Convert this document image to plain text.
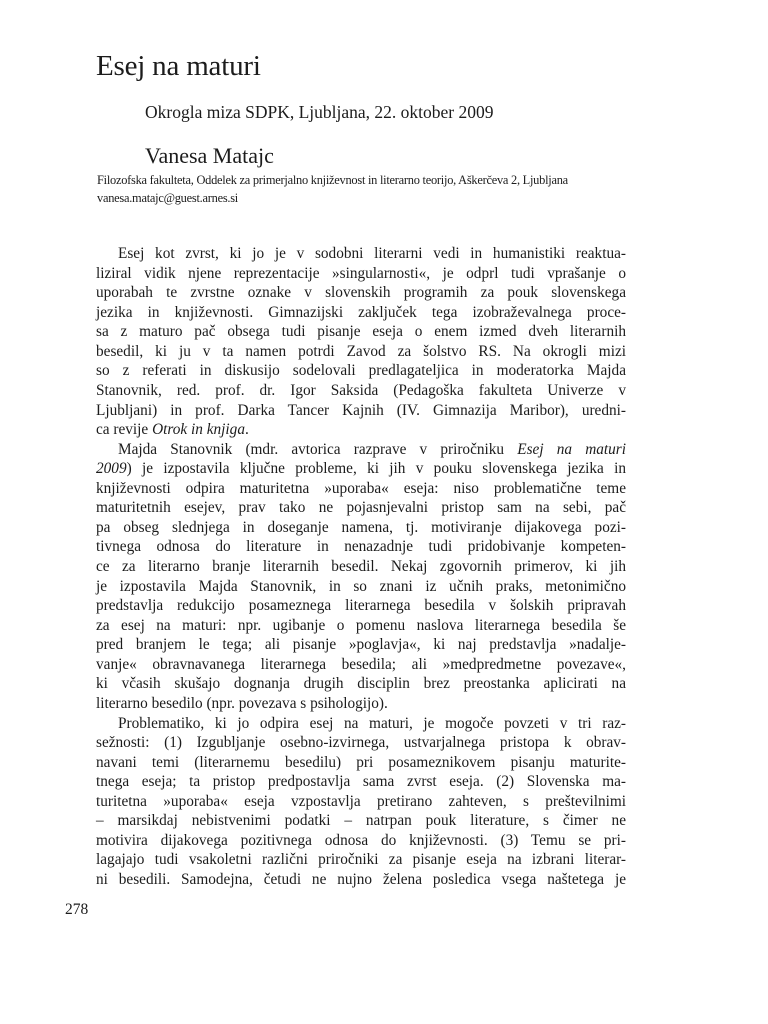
Esej na maturi
Okrogla miza SDPK, Ljubljana, 22. oktober 2009
Vanesa Matajc
Filozofska fakulteta, Oddelek za primerjalno književnost in literarno teorijo, Aškerčeva 2, Ljubljana
vanesa.matajc@guest.arnes.si

Esej kot zvrst, ki jo je v sodobni literarni vedi in humanistiki reaktua-
liziral vidik njene reprezentacije »singularnosti«, je odprl tudi vprašanje o
uporabah te zvrstne oznake v slovenskih programih za pouk slovenskega
jezika in književnosti. Gimnazijski zaključek tega izobraževalnega proce-
sa z maturo pač obsega tudi pisanje eseja o enem izmed dveh literarnih
besedil, ki ju v ta namen potrdi Zavod za šolstvo RS. Na okrogli mizi
so z referati in diskusijo sodelovali predlagateljica in moderatorka Majda
Stanovnik, red. prof. dr. Igor Saksida (Pedagoška fakulteta Univerze v
Ljubljani) in prof. Darka Tancer Kajnih (IV. Gimnazija Maribor), uredni-
ca revije Otrok in knjiga.

Majda Stanovnik (mdr. avtorica razprave v priročniku Esej na maturi
2009) je izpostavila ključne probleme, ki jih v pouku slovenskega jezika in
književnosti odpira maturitetna »uporaba« eseja: niso problematične teme
maturitetnih esejev, prav tako ne pojasnjevalni pristop sam na sebi, pač
pa obseg slednjega in doseganje namena, tj. motiviranje dijakovega pozi-
tivnega odnosa do literature in nenazadnje tudi pridobivanje kompeten-
ce za literarno branje literarnih besedil. Nekaj zgovornih primerov, ki jih
je izpostavila Majda Stanovnik, in so znani iz učnih praks, metonimično
predstavlja redukcijo posameznega literarnega besedila v šolskih pripravah
za esej na maturi: npr. ugibanje o pomenu naslova literarnega besedila še
pred branjem le tega; ali pisanje »poglavja«, ki naj predstavlja »nadalje-
vanje« obravnavanega literarnega besedila; ali »medpredmetne povezave«,
ki včasih skušajo dognanja drugih disciplin brez preostanka aplicirati na
literarno besedilo (npr. povezava s psihologijo).

Problematiko, ki jo odpira esej na maturi, je mogoče povzeti v tri raz-
sežnosti: (1) Izgubljanje osebno-izvirnega, ustvarjalnega pristopa k obrav-
navani temi (literarnemu besedilu) pri posameznikovem pisanju maturite-
tnega eseja; ta pristop predpostavlja sama zvrst eseja. (2) Slovenska ma-
turitetna »uporaba« eseja vzpostavlja pretirano zahteven, s preštevilnimi
– marsikdaj nebistvenimi podatki – natrpan pouk literature, s čimer ne
motivira dijakovega pozitivnega odnosa do književnosti. (3) Temu se pri-
lagajajo tudi vsakoletni različni priročniki za pisanje eseja na izbrani literar-
ni besedili. Samodejna, četudi ne nujno želena posledica vsega naštetega je

278
